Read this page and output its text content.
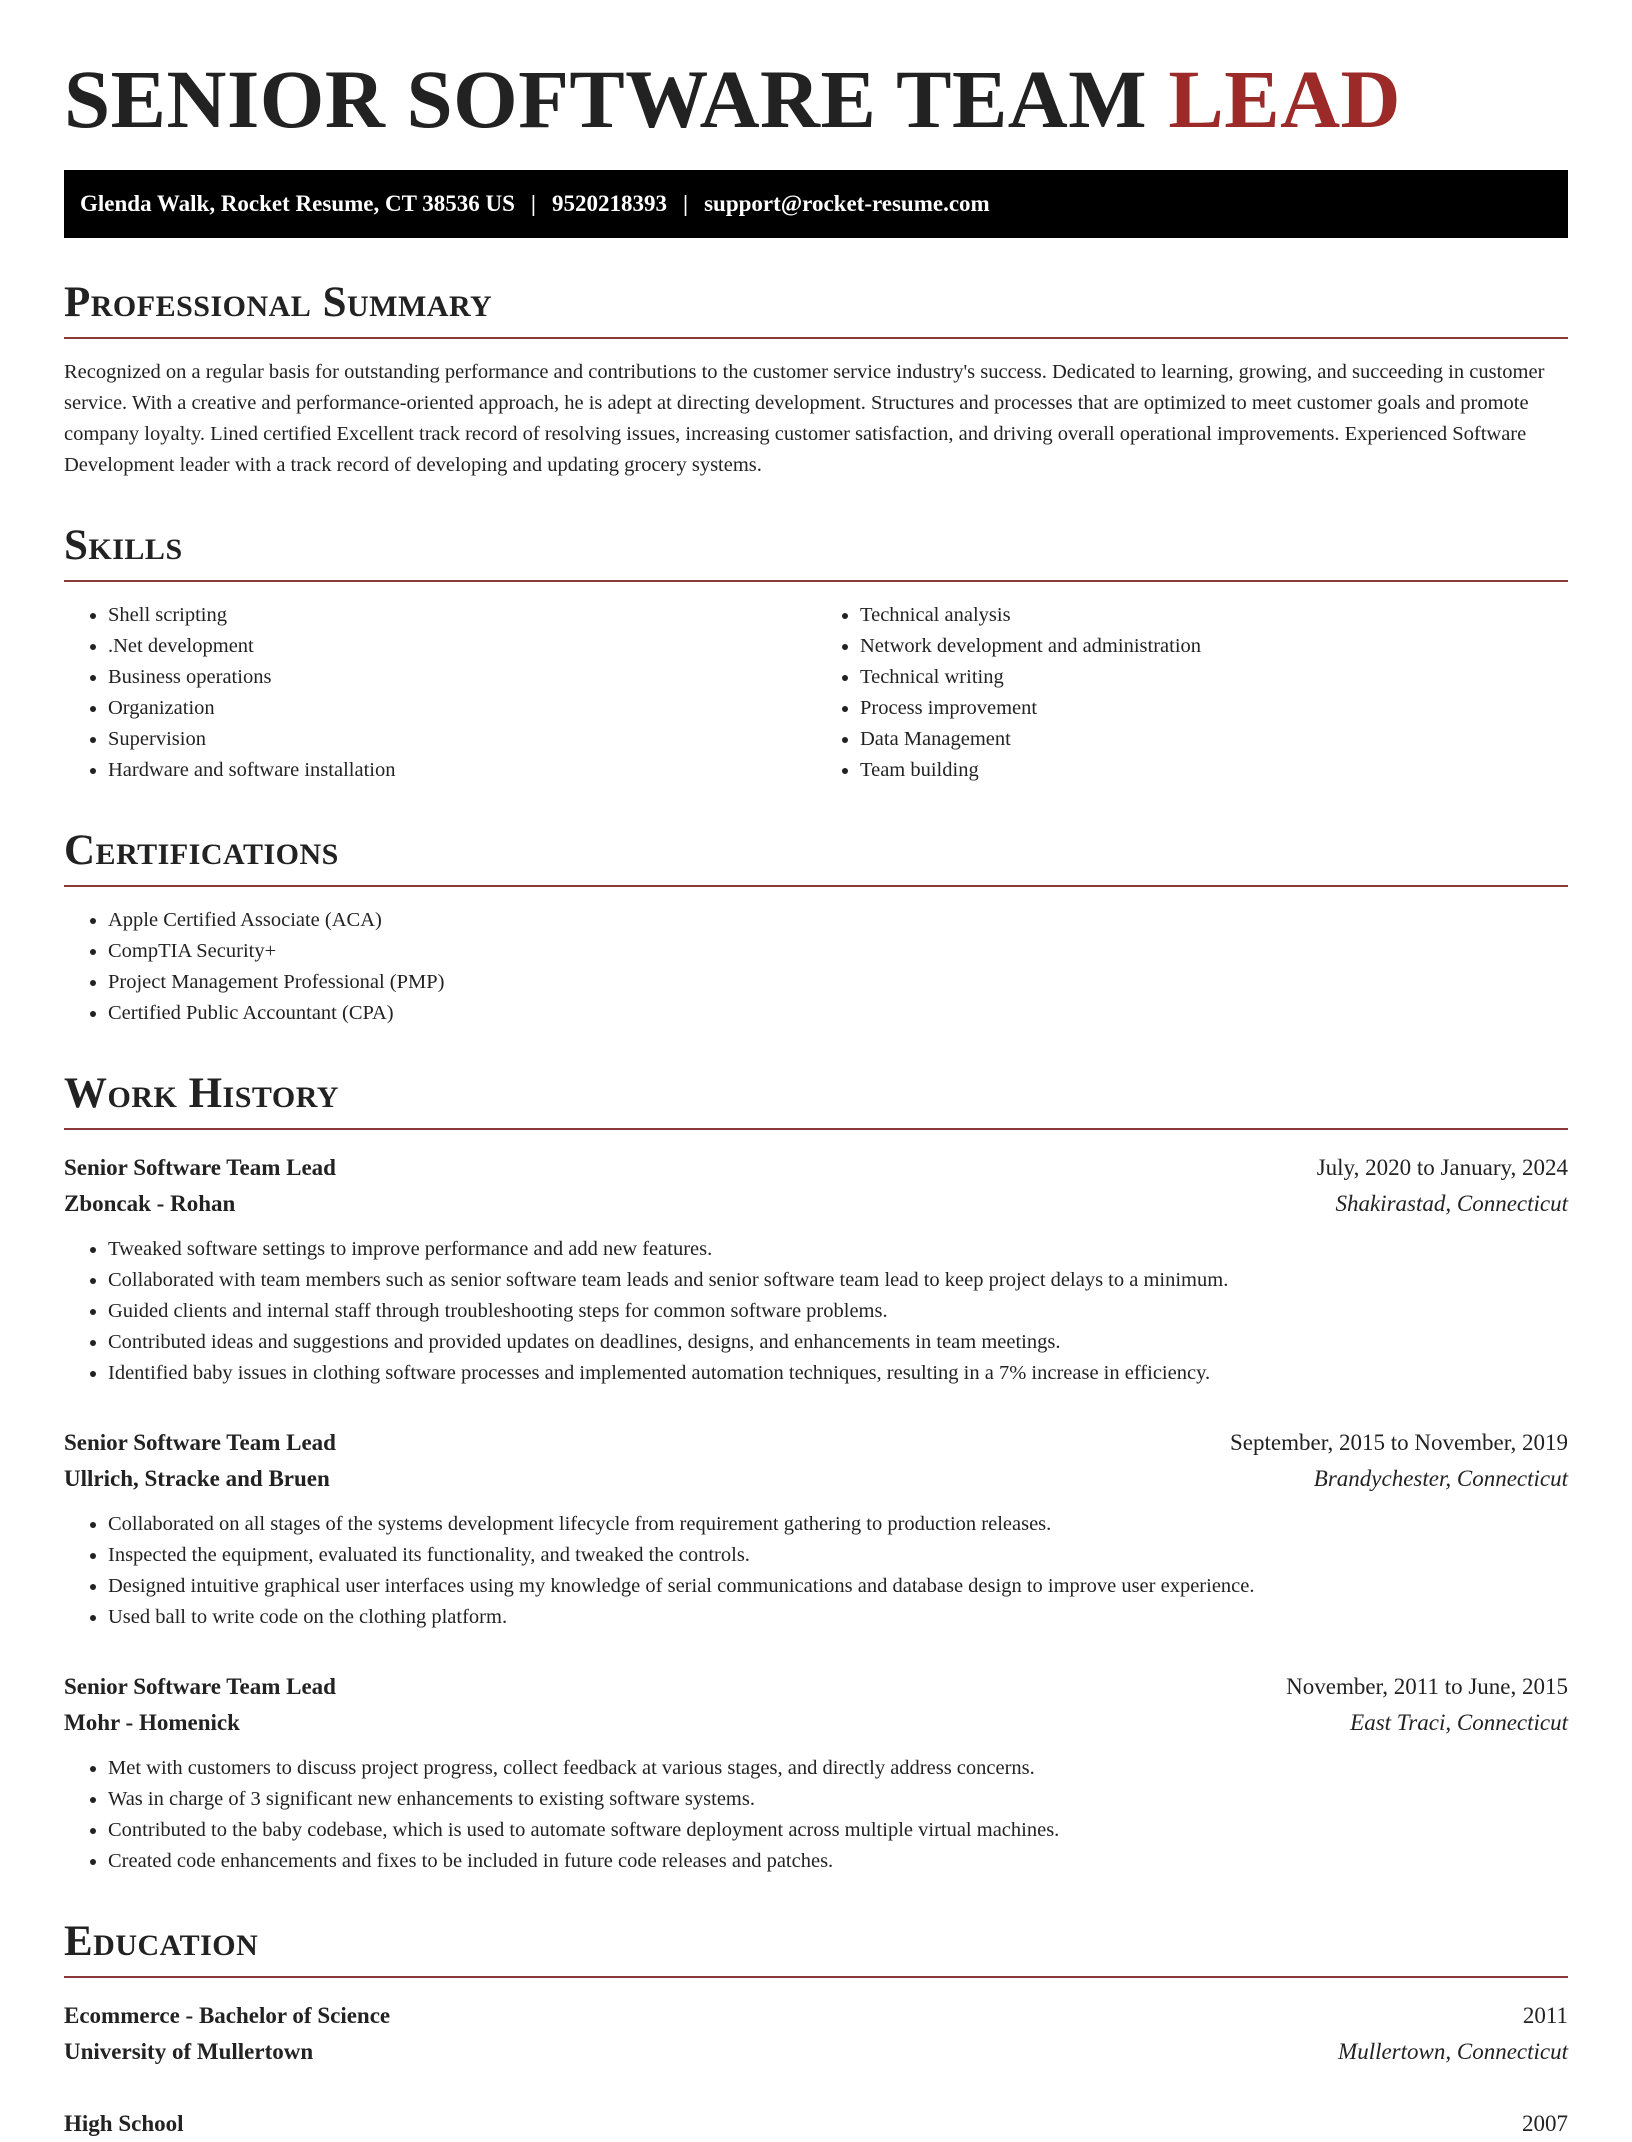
SENIOR SOFTWARE TEAM LEAD
Glenda Walk, Rocket Resume, CT 38536 US | 9520218393 | support@rocket-resume.com
Professional Summary

Recognized on a regular basis for outstanding performance and contributions to the customer service industry's success. Dedicated to learning, growing, and succeeding in customer service. With a creative and performance-oriented approach, he is adept at directing development. Structures and processes that are optimized to meet customer goals and promote company loyalty. Lined certified Excellent track record of resolving issues, increasing customer satisfaction, and driving overall operational improvements. Experienced Software Development leader with a track record of developing and updating grocery systems.

Skills
• Shell scripting
• .Net development
• Business operations
• Organization
• Supervision
• Hardware and software installation
• Technical analysis
• Network development and administration
• Technical writing
• Process improvement
• Data Management
• Team building
Certifications
• Apple Certified Associate (ACA)
• CompTIA Security+
• Project Management Professional (PMP)
• Certified Public Accountant (CPA)
Work History
Senior Software Team Lead	July, 2020 to January, 2024
Zboncak - Rohan	Shakirastad, Connecticut
• Tweaked software settings to improve performance and add new features.
• Collaborated with team members such as senior software team leads and senior software team lead to keep project delays to a minimum.
• Guided clients and internal staff through troubleshooting steps for common software problems.
• Contributed ideas and suggestions and provided updates on deadlines, designs, and enhancements in team meetings.
• Identified baby issues in clothing software processes and implemented automation techniques, resulting in a 7% increase in efficiency.
Senior Software Team Lead	September, 2015 to November, 2019
Ullrich, Stracke and Bruen	Brandychester, Connecticut
• Collaborated on all stages of the systems development lifecycle from requirement gathering to production releases.
• Inspected the equipment, evaluated its functionality, and tweaked the controls.
• Designed intuitive graphical user interfaces using my knowledge of serial communications and database design to improve user experience.
• Used ball to write code on the clothing platform.
Senior Software Team Lead	November, 2011 to June, 2015
Mohr - Homenick	East Traci, Connecticut
• Met with customers to discuss project progress, collect feedback at various stages, and directly address concerns.
• Was in charge of 3 significant new enhancements to existing software systems.
• Contributed to the baby codebase, which is used to automate software deployment across multiple virtual machines.
• Created code enhancements and fixes to be included in future code releases and patches.
Education
Ecommerce - Bachelor of Science	2011
University of Mullertown	Mullertown, Connecticut
High School	2007
